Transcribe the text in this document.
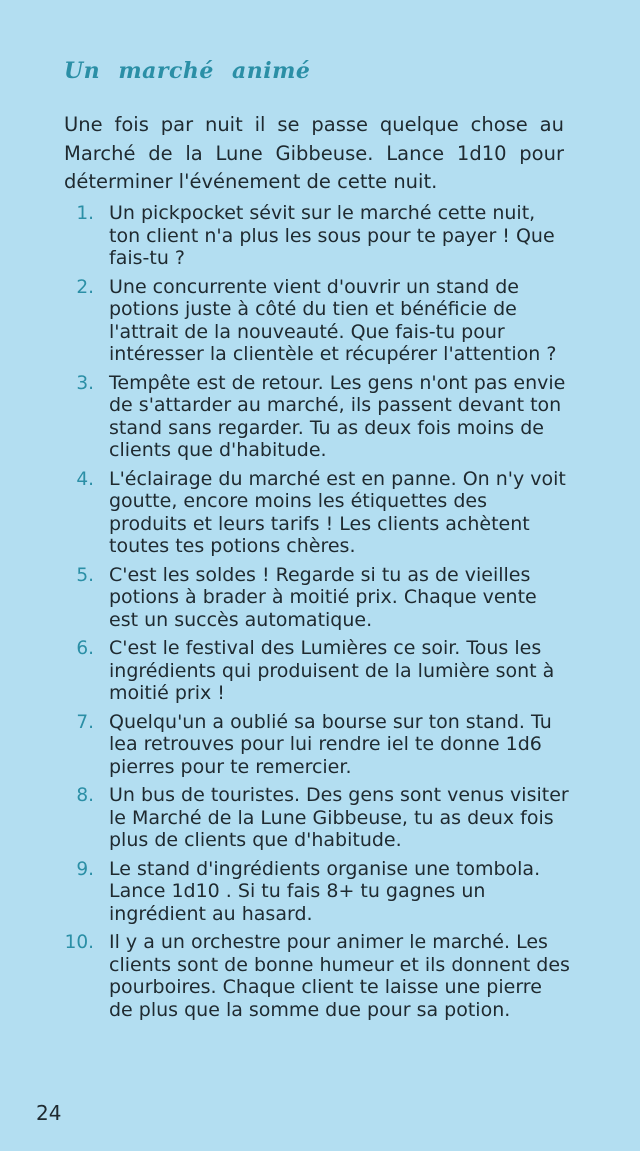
Un marché animé

Une fois par nuit il se passe quelque chose au Marché de la Lune Gibbeuse. Lance 1d10 pour déterminer l'événement de cette nuit.

1. Un pickpocket sévit sur le marché cette nuit, ton client n'a plus les sous pour te payer ! Que fais-tu ?
2. Une concurrente vient d'ouvrir un stand de potions juste à côté du tien et bénéficie de l'attrait de la nouveauté. Que fais-tu pour intéresser la clientèle et récupérer l'attention ?
3. Tempête est de retour. Les gens n'ont pas envie de s'attarder au marché, ils passent devant ton stand sans regarder. Tu as deux fois moins de clients que d'habitude.
4. L'éclairage du marché est en panne. On n'y voit goutte, encore moins les étiquettes des produits et leurs tarifs ! Les clients achètent toutes tes potions chères.
5. C'est les soldes ! Regarde si tu as de vieilles potions à brader à moitié prix. Chaque vente est un succès automatique.
6. C'est le festival des Lumières ce soir. Tous les ingrédients qui produisent de la lumière sont à moitié prix !
7. Quelqu'un a oublié sa bourse sur ton stand. Tu lea retrouves pour lui rendre iel te donne 1d6 pierres pour te remercier.
8. Un bus de touristes. Des gens sont venus visiter le Marché de la Lune Gibbeuse, tu as deux fois plus de clients que d'habitude.
9. Le stand d'ingrédients organise une tombola. Lance 1d10 . Si tu fais 8+ tu gagnes un ingrédient au hasard.
10. Il y a un orchestre pour animer le marché. Les clients sont de bonne humeur et ils donnent des pourboires. Chaque client te laisse une pierre de plus que la somme due pour sa potion.
24
